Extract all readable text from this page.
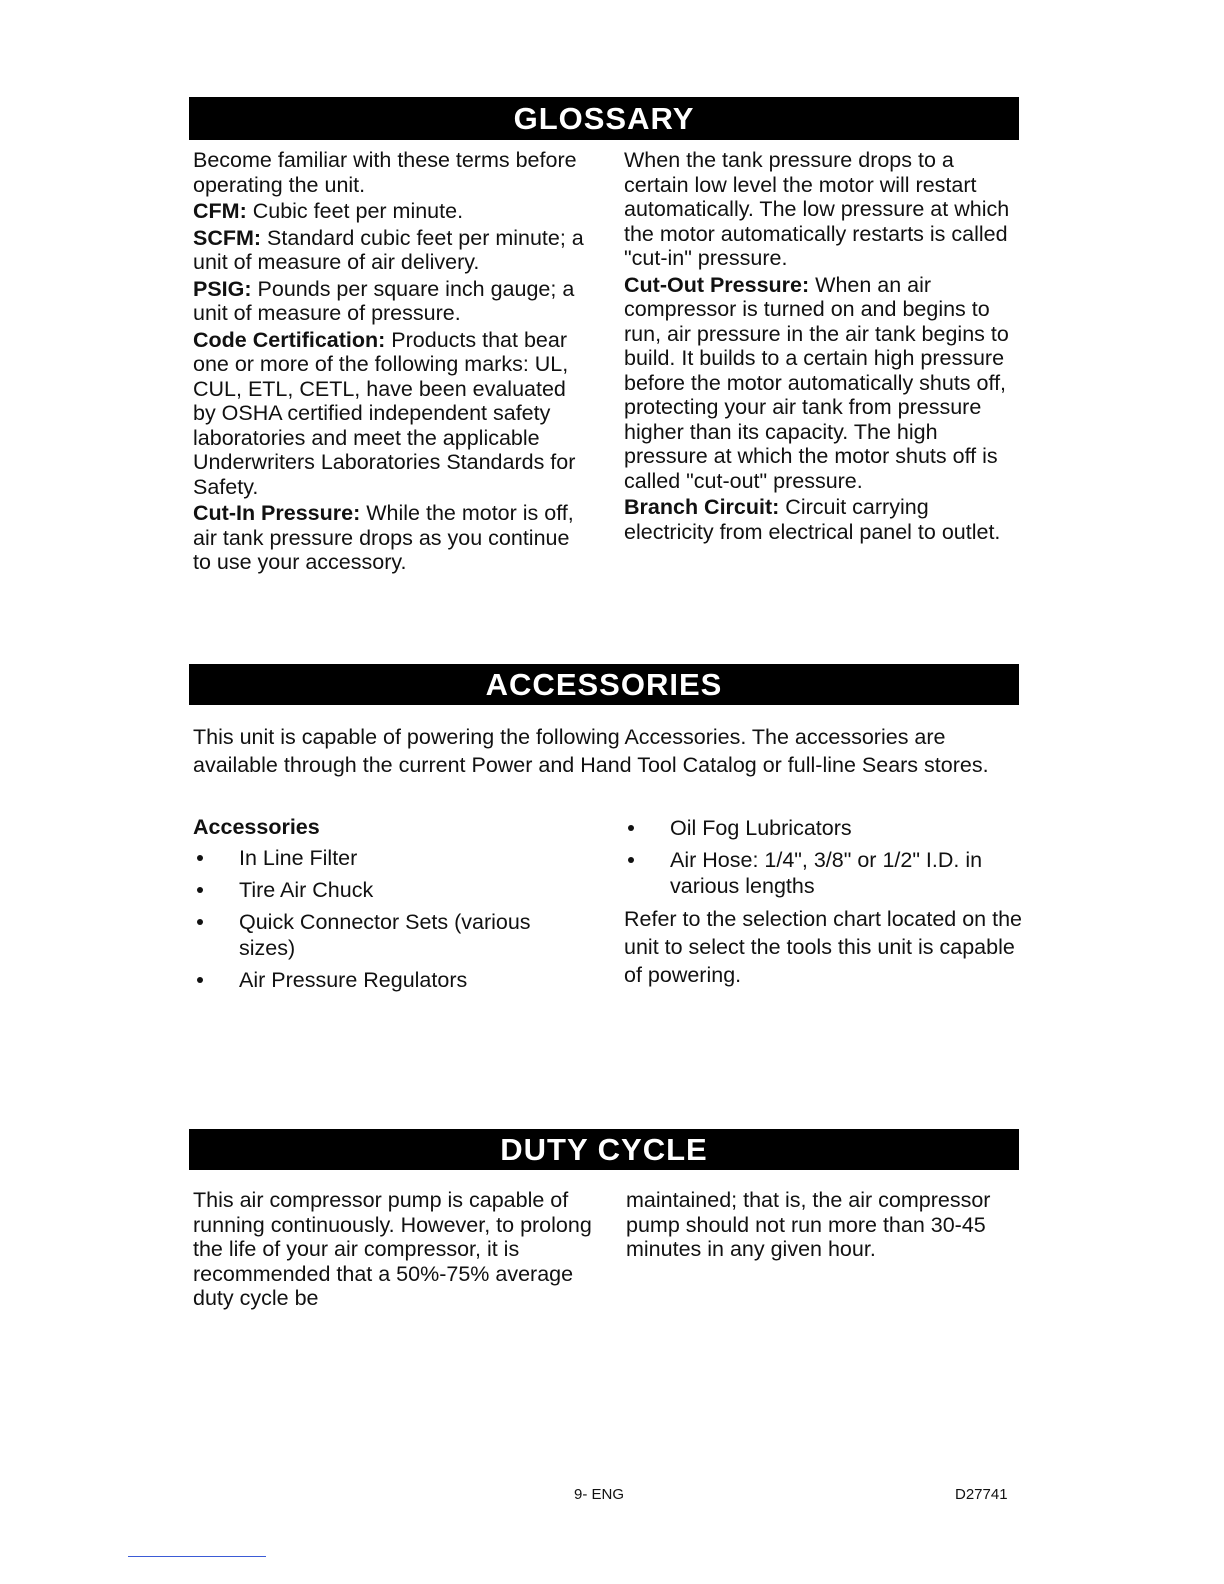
GLOSSARY

Become familiar with these terms before operating the unit.

CFM: Cubic feet per minute.

SCFM: Standard cubic feet per minute; a unit of measure of air delivery.

PSIG: Pounds per square inch gauge; a unit of measure of pressure.

Code Certification: Products that bear one or more of the following marks: UL, CUL, ETL, CETL, have been evaluated by OSHA certified independent safety laboratories and meet the applicable Underwriters Laboratories Standards for Safety.

Cut-In Pressure: While the motor is off, air tank pressure drops as you continue to use your accessory.

When the tank pressure drops to a certain low level the motor will restart automatically. The low pressure at which the motor automatically restarts is called "cut-in" pressure.

Cut-Out Pressure: When an air compressor is turned on and begins to run, air pressure in the air tank begins to build. It builds to a certain high pressure before the motor automatically shuts off, protecting your air tank from pressure higher than its capacity. The high pressure at which the motor shuts off is called "cut-out" pressure.

Branch Circuit: Circuit carrying electricity from electrical panel to outlet.

ACCESSORIES
This unit is capable of powering the following Accessories. The accessories are available through the current Power and Hand Tool Catalog or full-line Sears stores.
Accessories
In Line Filter
Tire Air Chuck
Quick Connector Sets (various sizes)
Air Pressure Regulators
Oil Fog Lubricators
Air Hose: 1/4", 3/8" or 1/2" I.D. in various lengths

Refer to the selection chart located on the unit to select the tools this unit is capable of powering.

DUTY CYCLE
This air compressor pump is capable of running continuously. However, to prolong the life of your air compressor, it is recommended that a 50%-75% average duty cycle be
maintained; that is, the air compressor pump should not run more than 30-45 minutes in any given hour.
9- ENG	D27741
